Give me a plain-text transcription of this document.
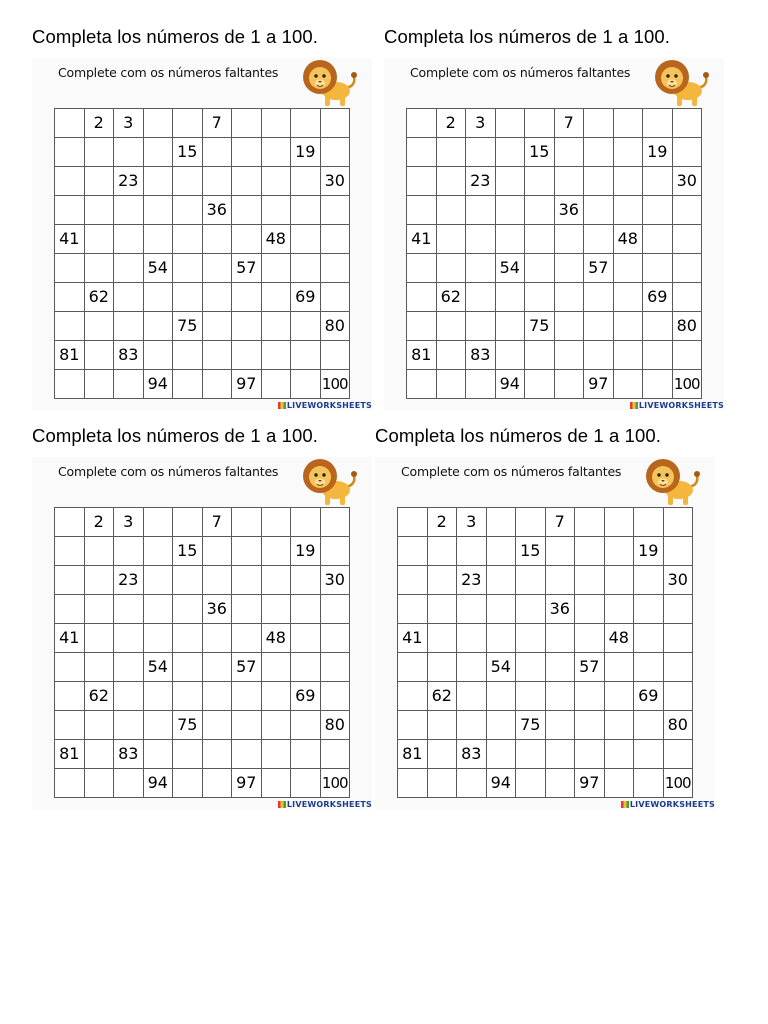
Completa los números de 1 a 100.
Complete com os números faltantes
	2	3			7				
				15				19	
		23							30
					36				
41							48		
			54			57			
	62							69	
				75					80
81		83							
			94			97			100
LIVEWORKSHEETS
Completa los números de 1 a 100.
Complete com os números faltantes
	2	3			7				
				15				19	
		23							30
					36				
41							48		
			54			57			
	62							69	
				75					80
81		83							
			94			97			100
LIVEWORKSHEETS
Completa los números de 1 a 100.
Complete com os números faltantes
	2	3			7				
				15				19	
		23							30
					36				
41							48		
			54			57			
	62							69	
				75					80
81		83							
			94			97			100
LIVEWORKSHEETS
Completa los números de 1 a 100.
Complete com os números faltantes
	2	3			7				
				15				19	
		23							30
					36				
41							48		
			54			57			
	62							69	
				75					80
81		83							
			94			97			100
LIVEWORKSHEETS
